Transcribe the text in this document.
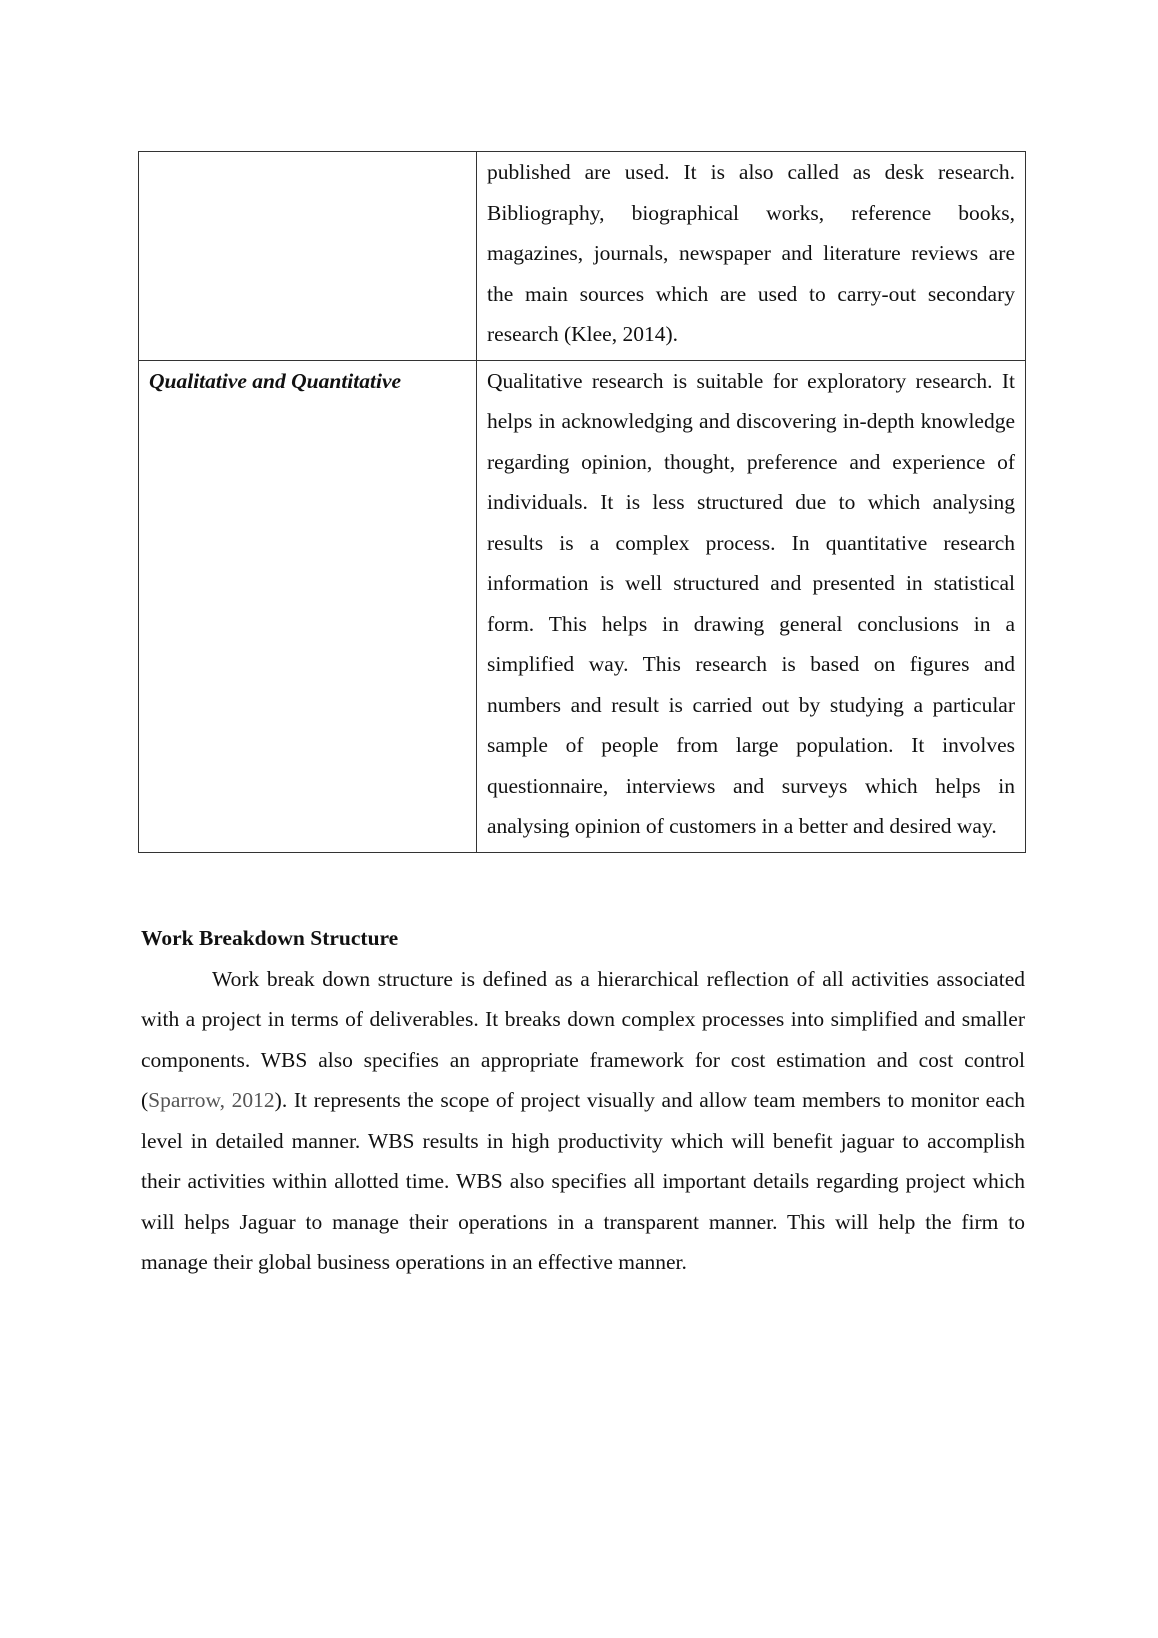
	published are used. It is also called as desk research. Bibliography, biographical works, reference books, magazines, journals, newspaper and literature reviews are the main sources which are used to carry-out secondary research (Klee, 2014).
Qualitative and Quantitative	Qualitative research is suitable for exploratory research. It helps in acknowledging and discovering in-depth knowledge regarding opinion, thought, preference and experience of individuals. It is less structured due to which analysing results is a complex process. In quantitative research information is well structured and presented in statistical form. This helps in drawing general conclusions in a simplified way. This research is based on figures and numbers and result is carried out by studying a particular sample of people from large population. It involves questionnaire, interviews and surveys which helps in analysing opinion of customers in a better and desired way.

Work Breakdown Structure

Work break down structure is defined as a hierarchical reflection of all activities associated with a project in terms of deliverables. It breaks down complex processes into simplified and smaller components. WBS also specifies an appropriate framework for cost estimation and cost control (Sparrow, 2012). It represents the scope of project visually and allow team members to monitor each level in detailed manner. WBS results in high productivity which will benefit jaguar to accomplish their activities within allotted time. WBS also specifies all important details regarding project which will helps Jaguar to manage their operations in a transparent manner. This will help the firm to manage their global business operations in an effective manner.
